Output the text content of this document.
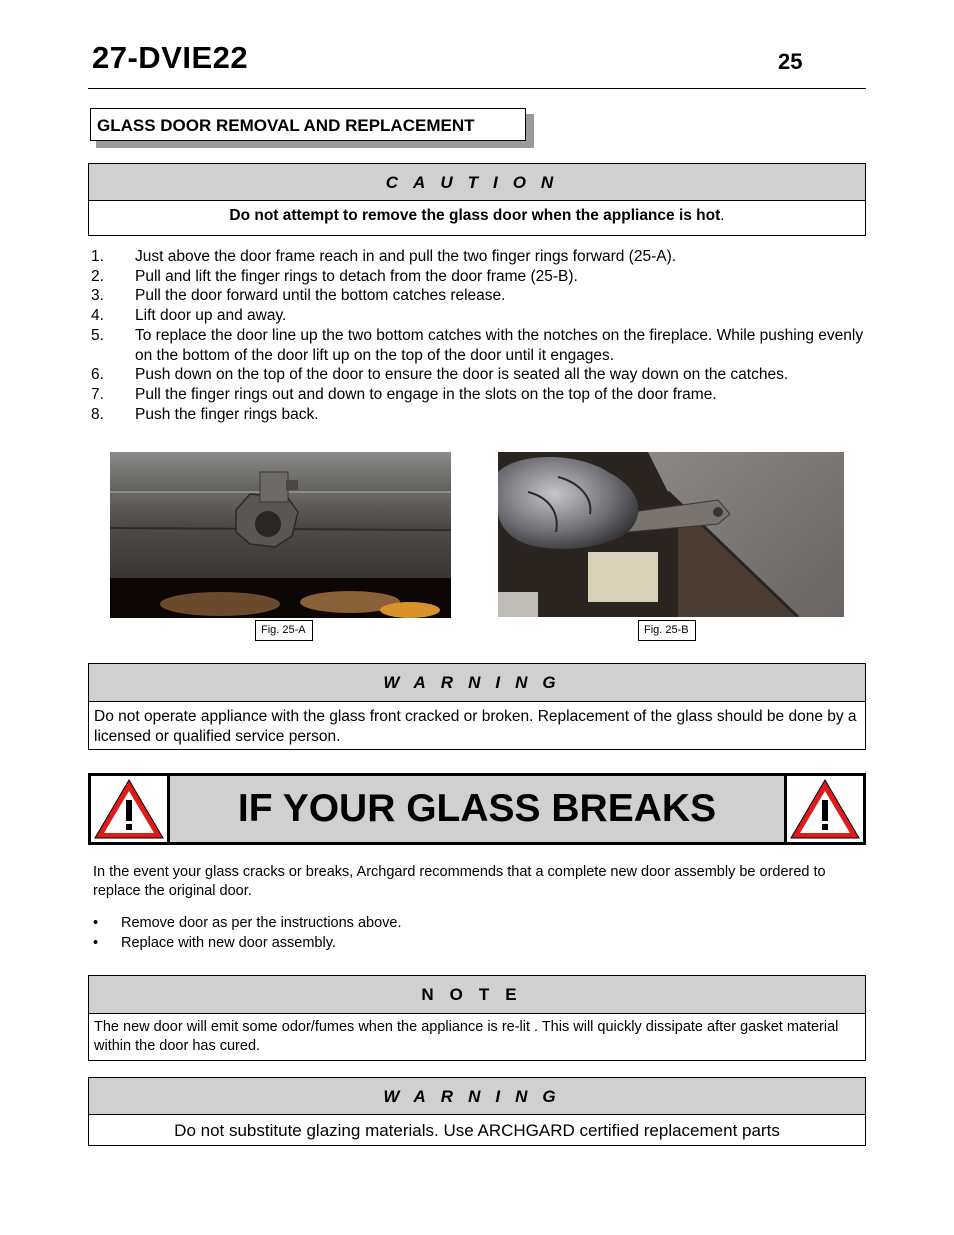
27-DVIE22	25
GLASS DOOR REMOVAL AND REPLACEMENT
CAUTION
Do not attempt to remove the glass door when the appliance is hot.
1. Just above the door frame reach in and pull the two finger rings forward (25-A).
2. Pull and lift the finger rings to detach from the door frame (25-B).
3. Pull the door forward until the bottom catches release.
4. Lift door up and away.
5. To replace the door line up the two bottom catches with the notches on the fireplace. While pushing evenly on the bottom of the door lift up on the top of the door until it engages.
6. Push down on the top of the door to ensure the door is seated all the way down on the catches.
7. Pull the finger rings out and down to engage in the slots on the top of the door frame.
8. Push the finger rings back.
Fig. 25-A	Fig. 25-B
WARNING
Do not operate appliance with the glass front cracked or broken. Replacement of the glass should be done by a licensed or qualified service person.
IF YOUR GLASS BREAKS
In the event your glass cracks or breaks, Archgard recommends that a complete new door assembly be ordered to replace the original door.
• Remove door as per the instructions above.
• Replace with new door assembly.
NOTE
The new door will emit some odor/fumes when the appliance is re-lit . This will quickly dissipate after gasket material within the door has cured.
WARNING
Do not substitute glazing materials. Use ARCHGARD certified replacement parts
